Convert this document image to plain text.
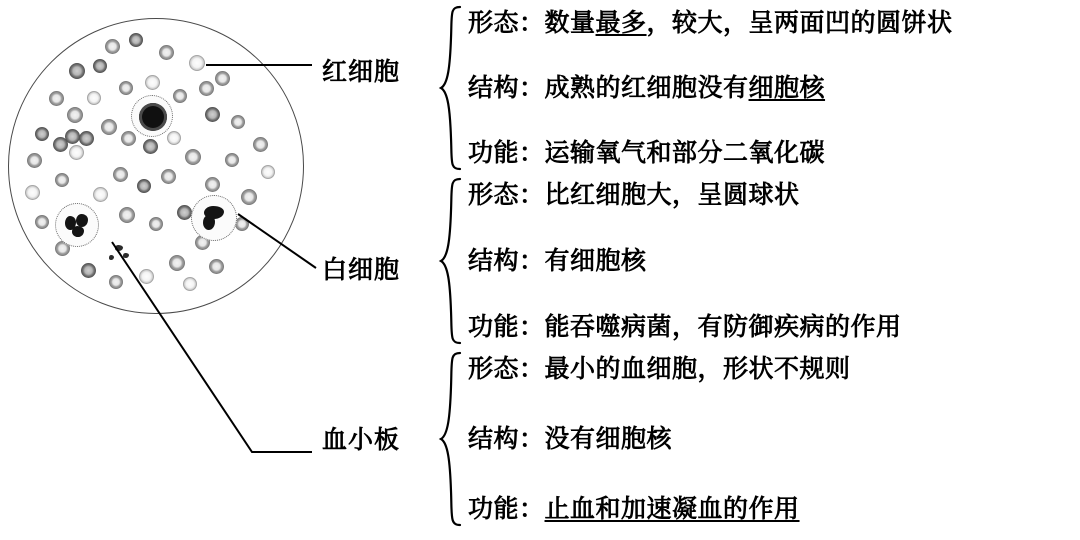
红细胞
白细胞
血小板
形态： 数量最多，较大，呈两面凹的圆饼状
结构： 成熟的红细胞没有细胞核
功能： 运输氧气和部分二氧化碳
形态： 比红细胞大，呈圆球状
结构： 有细胞核
功能： 能吞噬病菌，有防御疾病的作用
形态： 最小的血细胞，形状不规则
结构： 没有细胞核
功能： 止血和加速凝血的作用
